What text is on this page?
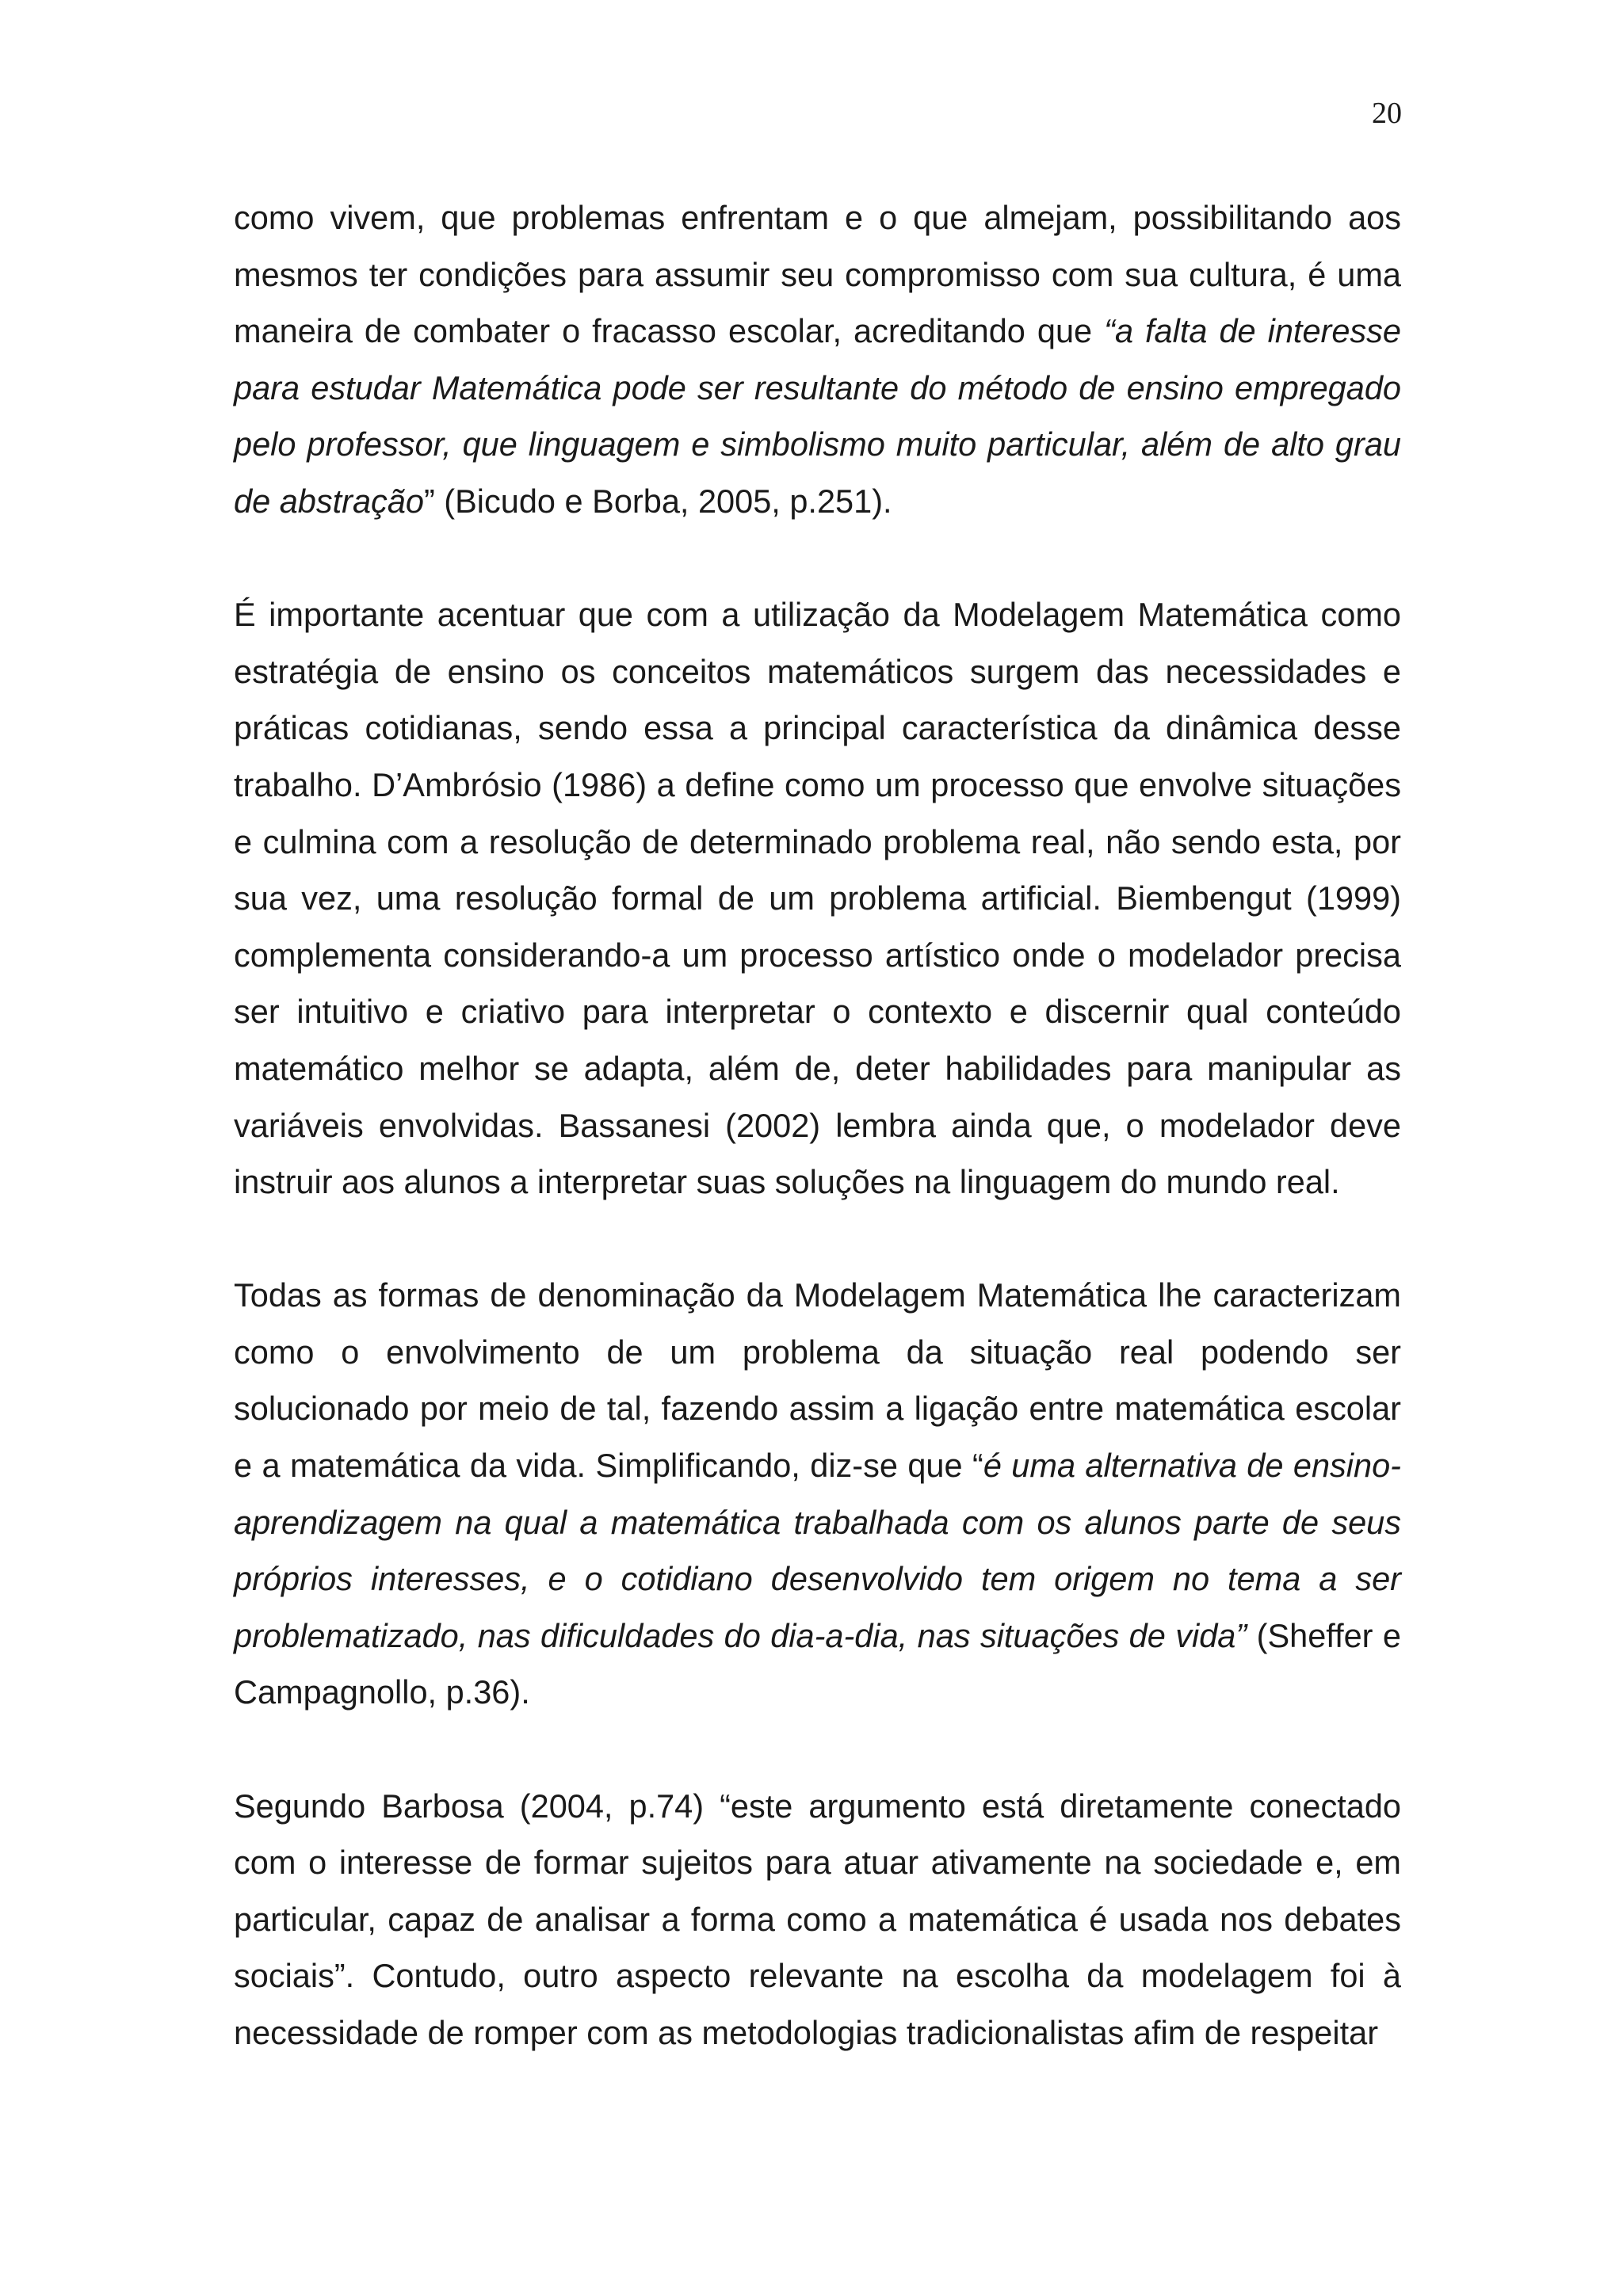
20

como vivem, que problemas enfrentam e o que almejam, possibilitando aos mesmos ter condições para assumir seu compromisso com sua cultura, é uma maneira de combater o fracasso escolar, acreditando que “a falta de interesse para estudar Matemática pode ser resultante do método de ensino empregado pelo professor, que linguagem e simbolismo muito particular, além de alto grau de abstração” (Bicudo e Borba, 2005, p.251).

É importante acentuar que com a utilização da Modelagem Matemática como estratégia de ensino os conceitos matemáticos surgem das necessidades e práticas cotidianas, sendo essa a principal característica da dinâmica desse trabalho. D’Ambrósio (1986) a define como um processo que envolve situações e culmina com a resolução de determinado problema real, não sendo esta, por sua vez, uma resolução formal de um problema artificial. Biembengut (1999) complementa considerando-a um processo artístico onde o modelador precisa ser intuitivo e criativo para interpretar o contexto e discernir qual conteúdo matemático melhor se adapta, além de, deter habilidades para manipular as variáveis envolvidas. Bassanesi (2002) lembra ainda que, o modelador deve instruir aos alunos a interpretar suas soluções na linguagem do mundo real.

Todas as formas de denominação da Modelagem Matemática lhe caracterizam como o envolvimento de um problema da situação real podendo ser solucionado por meio de tal, fazendo assim a ligação entre matemática escolar e a matemática da vida. Simplificando, diz-se que “é uma alternativa de ensino-aprendizagem na qual a matemática trabalhada com os alunos parte de seus próprios interesses, e o cotidiano desenvolvido tem origem no tema a ser problematizado, nas dificuldades do dia-a-dia, nas situações de vida” (Sheffer e Campagnollo, p.36).

Segundo Barbosa (2004, p.74) “este argumento está diretamente conectado com o interesse de formar sujeitos para atuar ativamente na sociedade e, em particular, capaz de analisar a forma como a matemática é usada nos debates sociais”. Contudo, outro aspecto relevante na escolha da modelagem foi à necessidade de romper com as metodologias tradicionalistas afim de respeitar
